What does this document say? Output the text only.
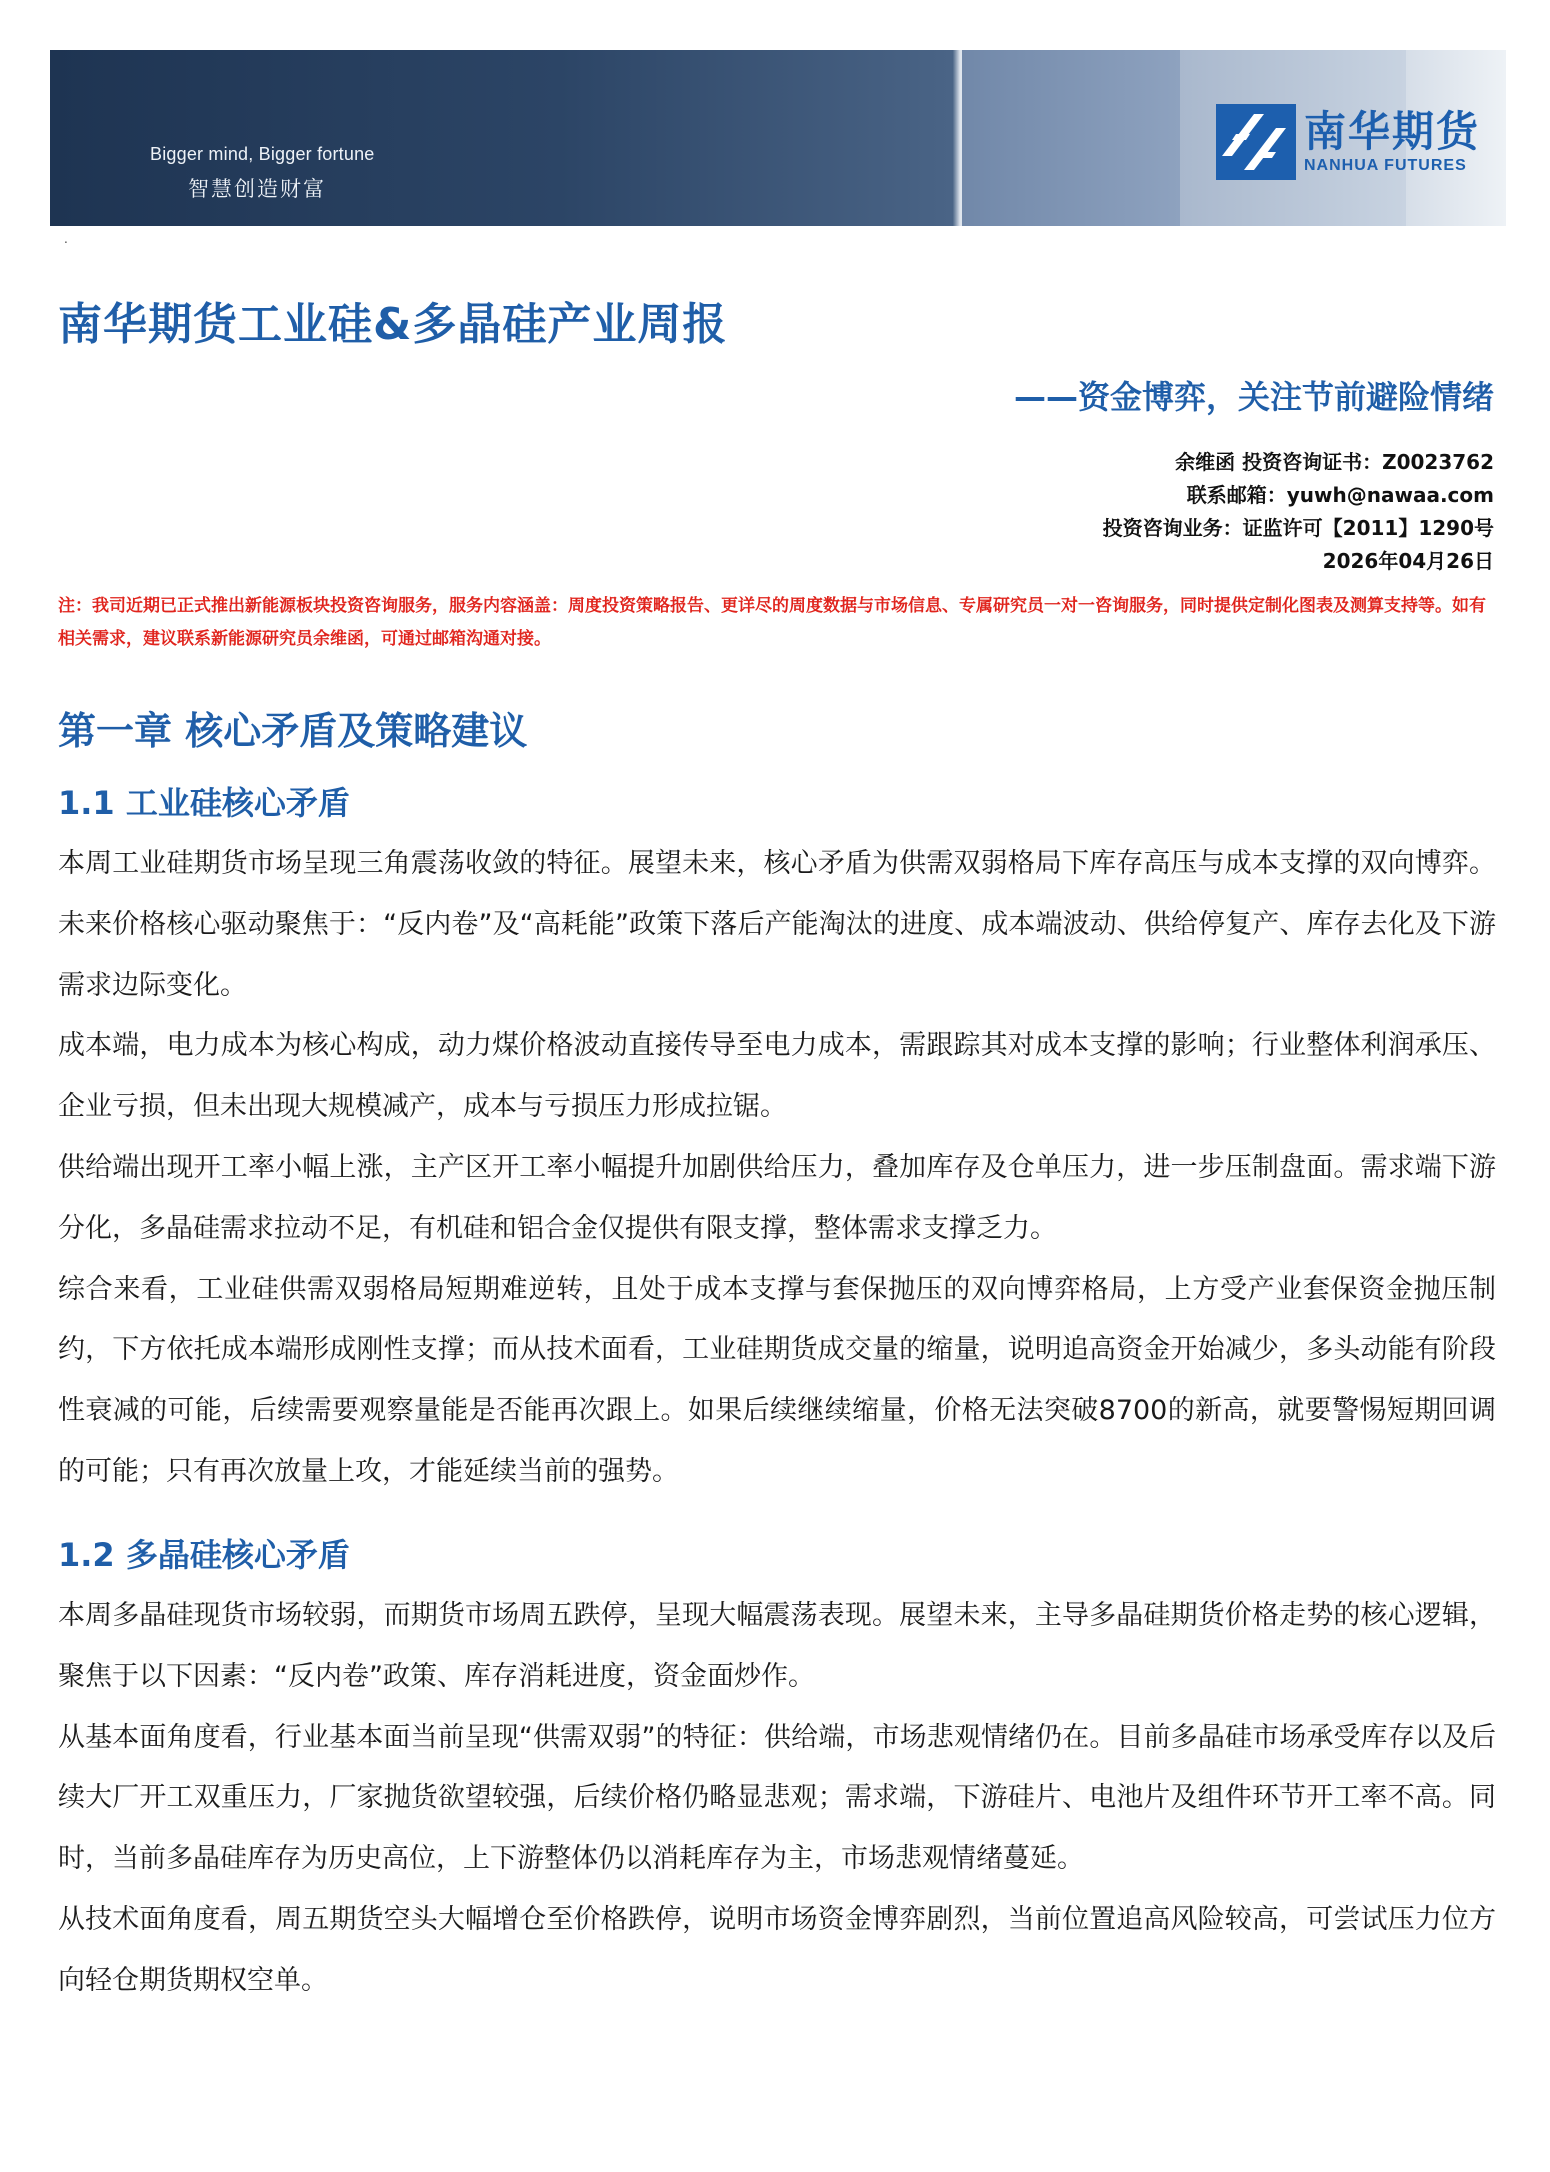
Bigger mind, Bigger fortune
智慧创造财富
南华期货
NANHUA FUTURES
.
南华期货工业硅&多晶硅产业周报
——资金博弈，关注节前避险情绪
余维函 投资咨询证书：Z0023762
联系邮箱：yuwh@nawaa.com
投资咨询业务：证监许可【2011】1290号
2026年04月26日

注：我司近期已正式推出新能源板块投资咨询服务，服务内容涵盖：周度投资策略报告、更详尽的周度数据与市场信息、专属研究员一对一咨询服务，同时提供定制化图表及测算支持等。如有相关需求，建议联系新能源研究员余维函，可通过邮箱沟通对接。

第一章 核心矛盾及策略建议
1.1 工业硅核心矛盾

本周工业硅期货市场呈现三角震荡收敛的特征。展望未来，核心矛盾为供需双弱格局下库存高压与成本支撑的双向博弈。未来价格核心驱动聚焦于：“反内卷”及“高耗能”政策下落后产能淘汰的进度、成本端波动、供给停复产、库存去化及下游需求边际变化。

成本端，电力成本为核心构成，动力煤价格波动直接传导至电力成本，需跟踪其对成本支撑的影响；行业整体利润承压、企业亏损，但未出现大规模减产，成本与亏损压力形成拉锯。

供给端出现开工率小幅上涨，主产区开工率小幅提升加剧供给压力，叠加库存及仓单压力，进一步压制盘面。需求端下游分化，多晶硅需求拉动不足，有机硅和铝合金仅提供有限支撑，整体需求支撑乏力。

综合来看，工业硅供需双弱格局短期难逆转，且处于成本支撑与套保抛压的双向博弈格局，上方受产业套保资金抛压制约，下方依托成本端形成刚性支撑；而从技术面看，工业硅期货成交量的缩量，说明追高资金开始减少，多头动能有阶段性衰减的可能，后续需要观察量能是否能再次跟上。如果后续继续缩量，价格无法突破8700的新高，就要警惕短期回调的可能；只有再次放量上攻，才能延续当前的强势。

1.2 多晶硅核心矛盾

本周多晶硅现货市场较弱，而期货市场周五跌停，呈现大幅震荡表现。展望未来，主导多晶硅期货价格走势的核心逻辑，聚焦于以下因素：“反内卷”政策、库存消耗进度，资金面炒作。

从基本面角度看，行业基本面当前呈现“供需双弱”的特征：供给端，市场悲观情绪仍在。目前多晶硅市场承受库存以及后续大厂开工双重压力，厂家抛货欲望较强，后续价格仍略显悲观；需求端，下游硅片、电池片及组件环节开工率不高。同时，当前多晶硅库存为历史高位，上下游整体仍以消耗库存为主，市场悲观情绪蔓延。

从技术面角度看，周五期货空头大幅增仓至价格跌停，说明市场资金博弈剧烈，当前位置追高风险较高，可尝试压力位方向轻仓期货期权空单。
